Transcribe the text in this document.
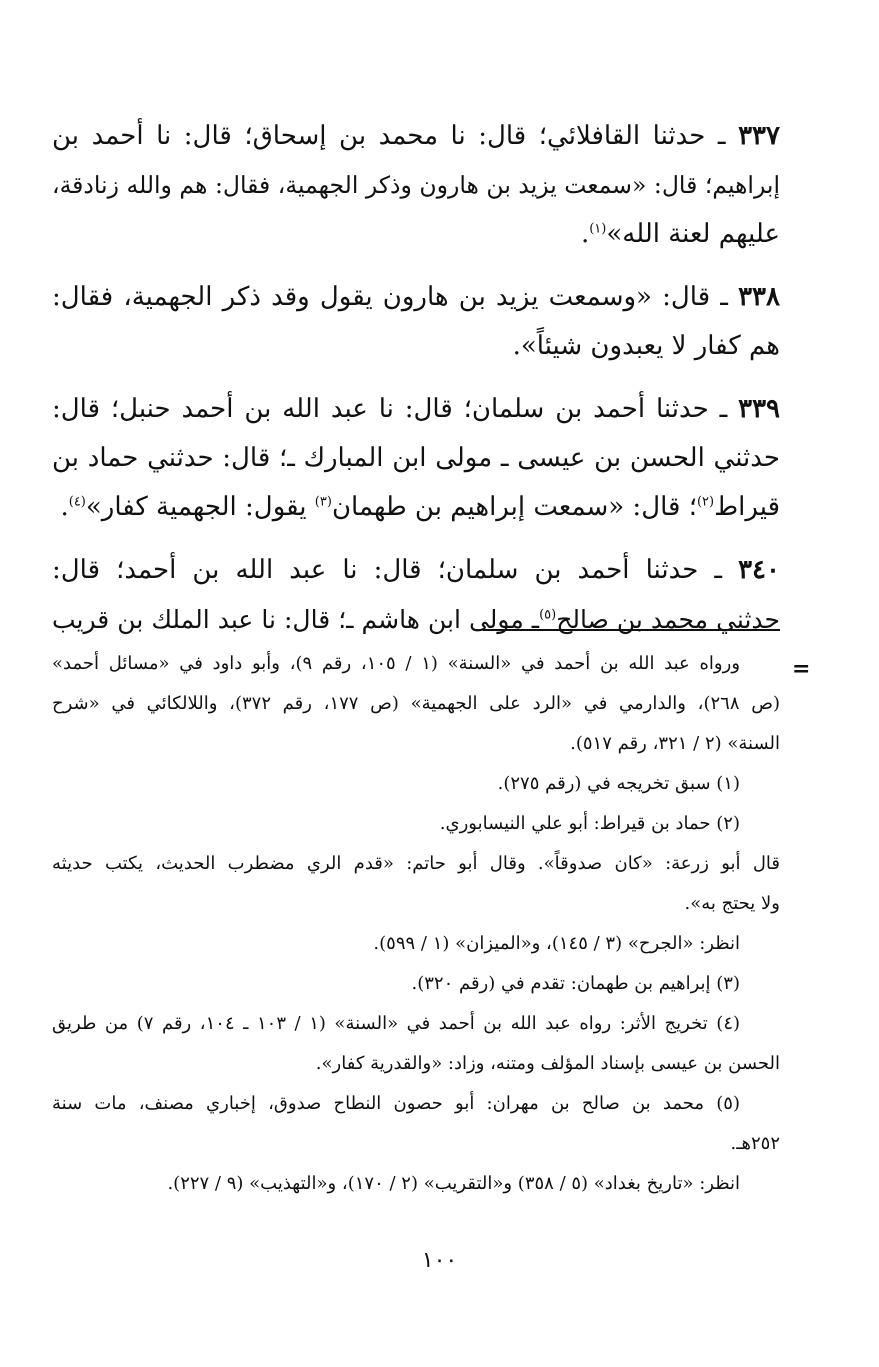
٣٣٧ ـ حدثنا القافلائي؛ قال: نا محمد بن إسحاق؛ قال: نا أحمد بن
إبراهيم؛ قال: «سمعت يزيد بن هارون وذكر الجهمية، فقال: هم والله زنادقة،
عليهم لعنة الله»$^{(١)}$.
٣٣٨ ـ قال: «وسمعت يزيد بن هارون يقول وقد ذكر الجهمية، فقال:
هم كفار لا يعبدون شيئاً».
٣٣٩ ـ حدثنا أحمد بن سلمان؛ قال: نا عبد الله بن أحمد حنبل؛ قال:
حدثني الحسن بن عيسى ـ مولى ابن المبارك ـ؛ قال: حدثني حماد بن
قيراط$^{(٢)}$؛ قال: «سمعت إبراهيم بن طهمان$^{(٣)}$ يقول: الجهمية كفار»$^{(٤)}$.
٣٤٠ ـ حدثنا أحمد بن سلمان؛ قال: نا عبد الله بن أحمد؛ قال:
حدثني محمد بن صالح$^{(٥)}$ـ مولى ابن هاشم ـ؛ قال: نا عبد الملك بن قريب
=
ورواه عبد الله بن أحمد في «السنة» (١ / ١٠٥، رقم ٩)، وأبو داود في «مسائل أحمد»
(ص ٢٦٨)، والدارمي في «الرد على الجهمية» (ص ١٧٧، رقم ٣٧٢)، واللالكائي في «شرح
السنة» (٢ / ٣٢١، رقم ٥١٧).
(١) سبق تخريجه في (رقم ٢٧٥).
(٢) حماد بن قيراط: أبو علي النيسابوري.
قال أبو زرعة: «كان صدوقاً». وقال أبو حاتم: «قدم الري مضطرب الحديث، يكتب حديثه
ولا يحتج به».
انظر: «الجرح» (٣ / ١٤٥)، و«الميزان» (١ / ٥٩٩).
(٣) إبراهيم بن طهمان: تقدم في (رقم ٣٢٠).
(٤) تخريج الأثر: رواه عبد الله بن أحمد في «السنة» (١ / ١٠٣ ـ ١٠٤، رقم ٧) من طريق
الحسن بن عيسى بإسناد المؤلف ومتنه، وزاد: «والقدرية كفار».
(٥) محمد بن صالح بن مهران: أبو حصون النطاح صدوق، إخباري مصنف، مات سنة
٢٥٢هـ.
انظر: «تاريخ بغداد» (٥ / ٣٥٨) و«التقريب» (٢ / ١٧٠)، و«التهذيب» (٩ / ٢٢٧).
١٠٠
